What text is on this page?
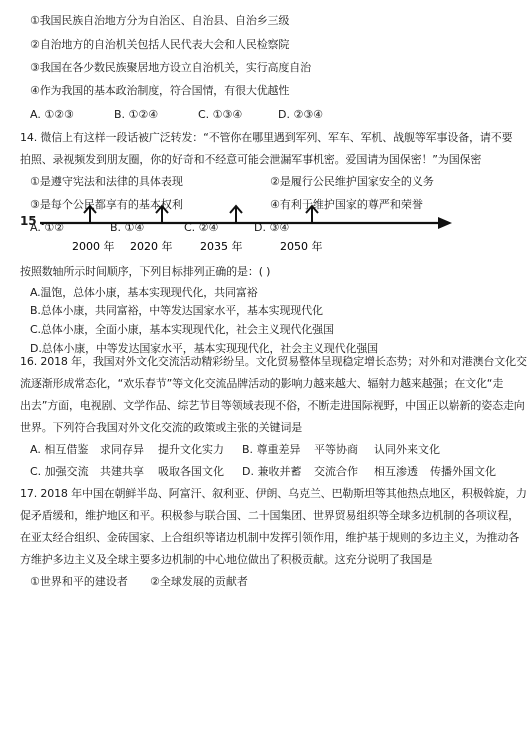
①我国民族自治地方分为自治区、自治县、自治乡三级
②自治地方的自治机关包括人民代表大会和人民检察院
③我国在各少数民族聚居地方设立自治机关，实行高度自治
④作为我国的基本政治制度，符合国情，有很大优越性
A. ①②③	B. ①②④	C. ①③④	D. ②③④
14. 微信上有这样一段话被广泛转发：“不管你在哪里遇到军列、军车、军机、战舰等军事设备，请不要
拍照、录视频发到朋友圈，你的好奇和不经意可能会泄漏军事机密。爱国请为国保密！”为国保密
①是遵守宪法和法律的具体表现	②是履行公民维护国家安全的义务
③是每个公民都享有的基本权利	④有利于维护国家的尊严和荣誉
A. ①②	B. ①④	C. ②④	D. ③④
15 .
2000 年 2020 年	2035 年	2050 年
按照数轴所示时间顺序，下列目标排列正确的是：( )
A.温饱，总体小康，基本实现现代化，共同富裕
B.总体小康，共同富裕，中等发达国家水平，基本实现现代化
C.总体小康，全面小康，基本实现现代化，社会主义现代化强国
D.总体小康，中等发达国家水平，基本实现现代化，社会主义现代化强国
16. 2018 年，我国对外文化交流活动精彩纷呈。文化贸易整体呈现稳定增长态势；对外和对港澳台文化交
流逐渐形成常态化，“欢乐春节”等文化交流品牌活动的影响力越来越大、辐射力越来越强；在文化“走
出去”方面，电视剧、文学作品、综艺节目等领域表现不俗，不断走进国际视野，中国正以崭新的姿态走向
世界。下列符合我国对外文化交流的政策或主张的关键词是
A. 相互借鉴 求同存异 提升文化实力 B. 尊重差异 平等协商 认同外来文化
C. 加强交流 共建共享 吸取各国文化 D. 兼收并蓄 交流合作 相互渗透 传播外国文化
17. 2018 年中国在朝鲜半岛、阿富汗、叙利亚、伊朗、乌克兰、巴勒斯坦等其他热点地区，积极斡旋，力
促矛盾缓和，维护地区和平。积极参与联合国、二十国集团、世界贸易组织等全球多边机制的各项议程，
在亚太经合组织、金砖国家、上合组织等诸边机制中发挥引领作用，维护基于规则的多边主义，为推动各
方维护多边主义及全球主要多边机制的中心地位做出了积极贡献。这充分说明了我国是
①世界和平的建设者 ②全球发展的贡献者
